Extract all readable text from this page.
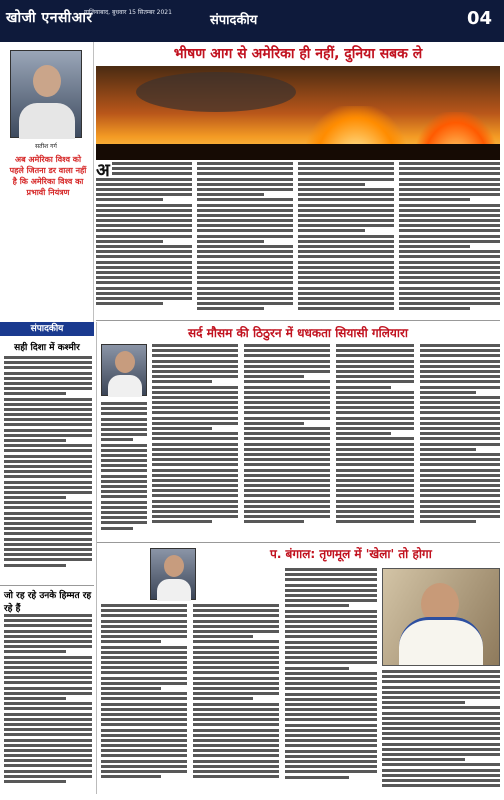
खोजी एनसीआर
गाजियाबाद, बुधवार 15 सितम्बर 2021
संपादकीय	04
सतीश गर्ग
अब अमेरिका विश्व को पहले जितना डर वाला नहीं है कि अमेरिका विश्व का प्रभावी नियंत्रण
भीषण आग से अमेरिका ही नहीं, दुनिया सबक ले
अ
संपादकीय
सही दिशा में कश्मीर
सर्द मौसम की ठिठुरन में धधकता सियासी गलियारा
प. बंगाल: तृणमूल में 'खेला' तो होगा
जो रह रहे उनके हिम्मत रह रहे हैं
